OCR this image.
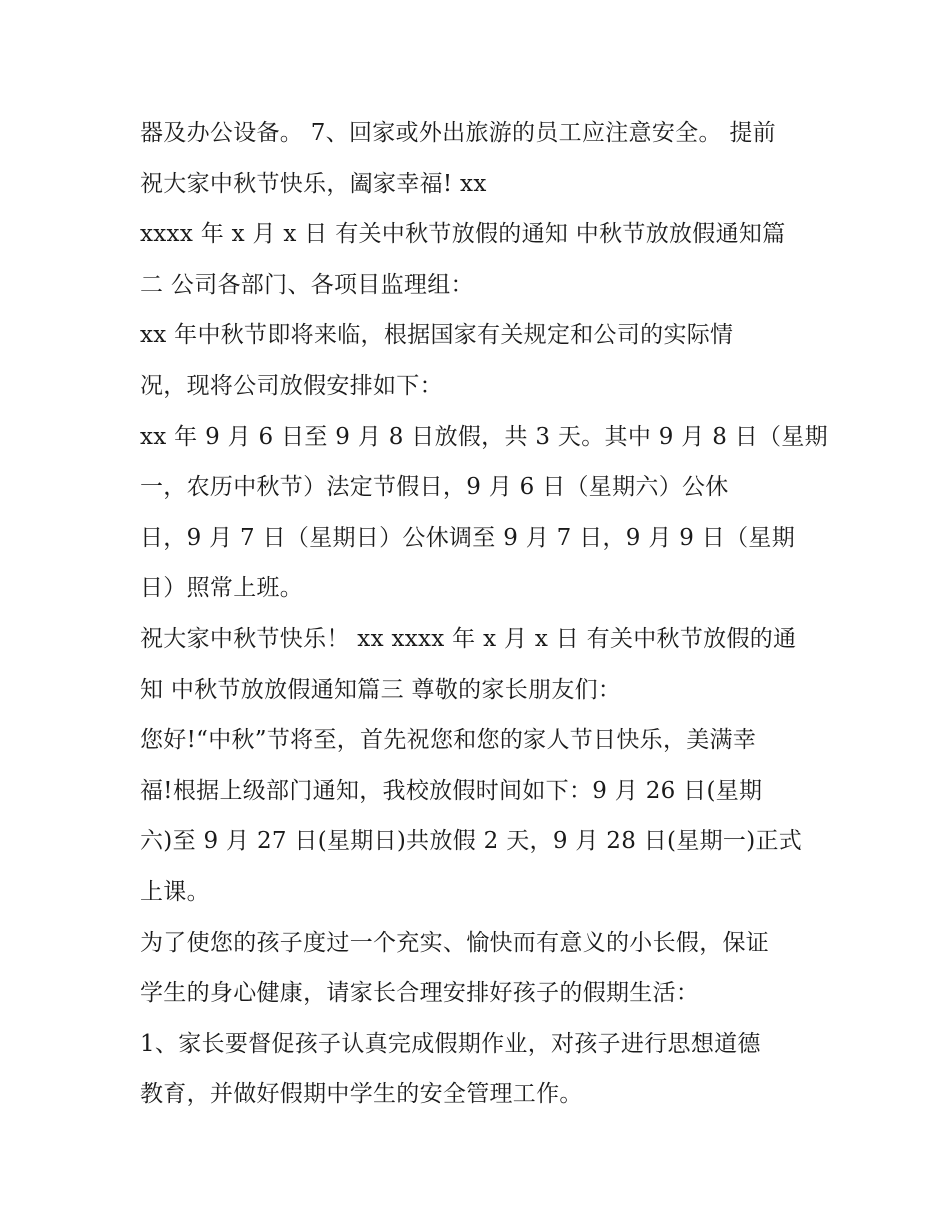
器及办公设备。 7、回家或外出旅游的员工应注意安全。 提前

祝大家中秋节快乐，阖家幸福! xx

xxxx 年 x 月 x 日 有关中秋节放假的通知 中秋节放放假通知篇

二 公司各部门、各项目监理组：

xx 年中秋节即将来临，根据国家有关规定和公司的实际情

况，现将公司放假安排如下：

xx 年 9 月 6 日至 9 月 8 日放假，共 3 天。其中 9 月 8 日（星期

一，农历中秋节）法定节假日，9 月 6 日（星期六）公休

日，9 月 7 日（星期日）公休调至 9 月 7 日，9 月 9 日（星期

日）照常上班。

祝大家中秋节快乐！ xx xxxx 年 x 月 x 日 有关中秋节放假的通

知 中秋节放放假通知篇三 尊敬的家长朋友们：

您好!“中秋”节将至，首先祝您和您的家人节日快乐，美满幸

福!根据上级部门通知，我校放假时间如下：9 月 26 日(星期

六)至 9 月 27 日(星期日)共放假 2 天，9 月 28 日(星期一)正式

上课。

为了使您的孩子度过一个充实、愉快而有意义的小长假，保证

学生的身心健康，请家长合理安排好孩子的假期生活：

1、家长要督促孩子认真完成假期作业，对孩子进行思想道德

教育，并做好假期中学生的安全管理工作。
